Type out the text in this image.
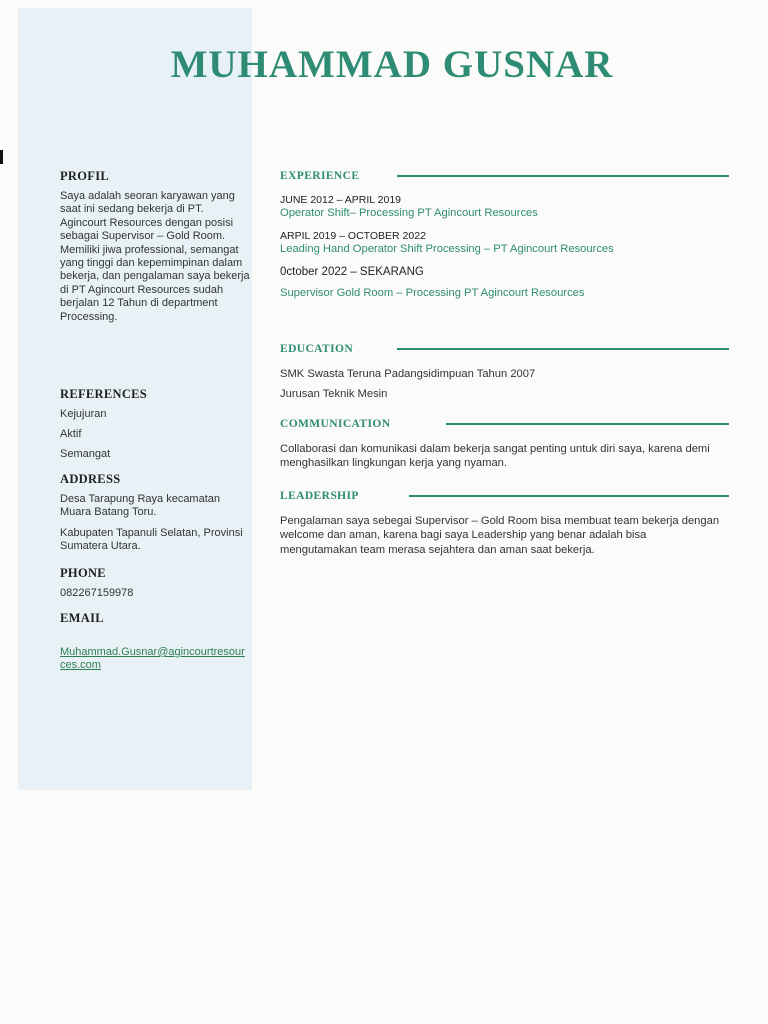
MUHAMMAD GUSNAR
PROFIL
Saya adalah seoran karyawan yang saat ini sedang bekerja di PT. Agincourt Resources dengan posisi sebagai Supervisor – Gold Room. Memiliki jiwa professional, semangat yang tinggi dan kepemimpinan dalam bekerja, dan pengalaman saya bekerja di PT Agincourt Resources sudah berjalan 12 Tahun di department Processing.
REFERENCES
Kejujuran
Aktif
Semangat
ADDRESS
Desa Tarapung Raya kecamatan Muara Batang Toru.
Kabupaten Tapanuli Selatan, Provinsi Sumatera Utara.
PHONE
082267159978
EMAIL
Muhammad.Gusnar@agincourtresources.com
EXPERIENCE
JUNE 2012 – APRIL 2019
Operator Shift– Processing PT Agincourt Resources
ARPIL 2019 – OCTOBER 2022
Leading Hand Operator Shift Processing – PT Agincourt Resources
0ctober 2022 – SEKARANG
Supervisor Gold Room – Processing PT Agincourt Resources
EDUCATION
SMK Swasta Teruna Padangsidimpuan Tahun 2007
Jurusan Teknik Mesin
COMMUNICATION
Collaborasi dan komunikasi dalam bekerja sangat penting untuk diri saya, karena demi menghasilkan lingkungan kerja yang nyaman.
LEADERSHIP
Pengalaman saya sebegai Supervisor – Gold Room bisa membuat team bekerja dengan welcome dan aman, karena bagi saya Leadership yang benar adalah bisa mengutamakan team merasa sejahtera dan aman saat bekerja.
